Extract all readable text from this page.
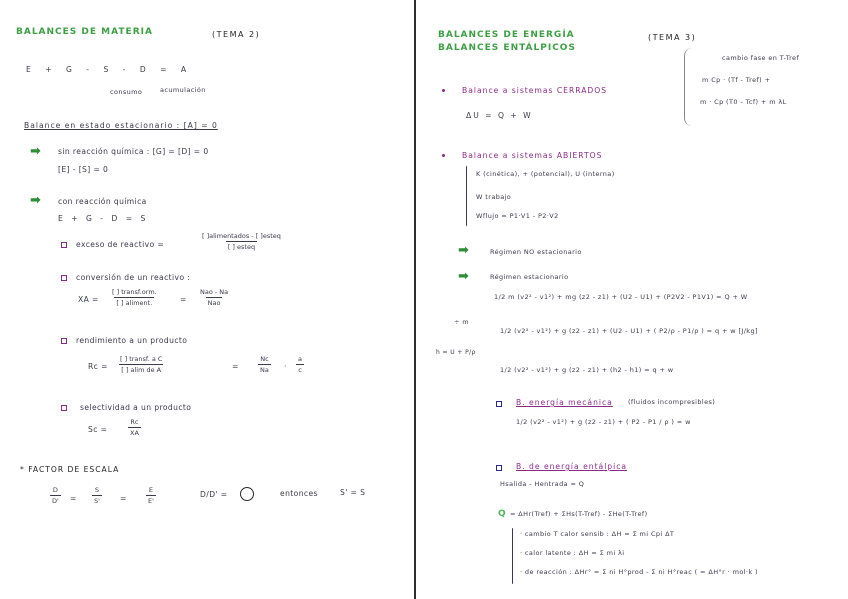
BALANCES DE MATERIA	(TEMA 2)
E + G - S - D = A
consumo	acumulación
Balance en estado estacionario : [A] = 0
➡ sin reacción química : [G] = [D] = 0
[E] - [S] = 0
➡ con reacción química
E + G - D = S
exceso de reactivo =
[ ]alimentados - [ ]esteq
[ ] esteq
conversión de un reactivo :
XA =
[ ] transf.orm.
[ ] aliment.	=
Nao - Na
Nao
rendimiento a un producto
Rc =
[ ] transf. a C
[ ] alim de A	=	$\frac{Nc}{Na} \cdot \frac{a}{c}$
selectividad a un producto
Sc =	$\frac{Rc}{XA}$
* FACTOR DE ESCALA
$\frac{D}{D'} = \frac{S}{S'}$ =	$\frac{E}{E'}$	D/D' =	entonces	S' = S
BALANCES DE ENERGÍA	(TEMA 3)
BALANCES ENTÁLPICOS
cambio fase en T-Tref
m Cp · (Tf - Tref) +
m · Cp (T0 - Tcf) + m λL
Balance a sistemas CERRADOS
ΔU = Q + W
Balance a sistemas ABIERTOS
K (cinética), + (potencial), U (interna)
W trabajo
Wflujo = P1·V1 - P2·V2
➡	Régimen NO estacionario
➡	Régimen estacionario
÷ m
h = U + P/ρ
1/2 m (v2² - v1²) + mg (z2 - z1) + (U2 - U1) + (P2V2 - P1V1) = Q + W
1/2 (v2² - v1²) + g (z2 - z1) + (U2 - U1) + ( P2/ρ - P1/ρ ) = q + w [J/kg]
1/2 (v2² - v1²) + g (z2 - z1) + (h2 - h1) = q + w
B. energía mecánica (fluidos incompresibles)
1/2 (v2² - v1²) + g (z2 - z1) + ( P2 - P1 / ρ ) = w
B. de energía entálpica
Hsalida - Hentrada = Q
Q = ΔHr(Tref) + ΣHs(T-Tref) - ΣHe(T-Tref)
· cambio T calor sensib : ΔH = Σ mi Cpi ΔT
· calor latente : ΔH = Σ mi λi
· de reacción : ΔHr° = Σ ni H°prod - Σ ni H°reac ( = ΔH°r · mol·k )
